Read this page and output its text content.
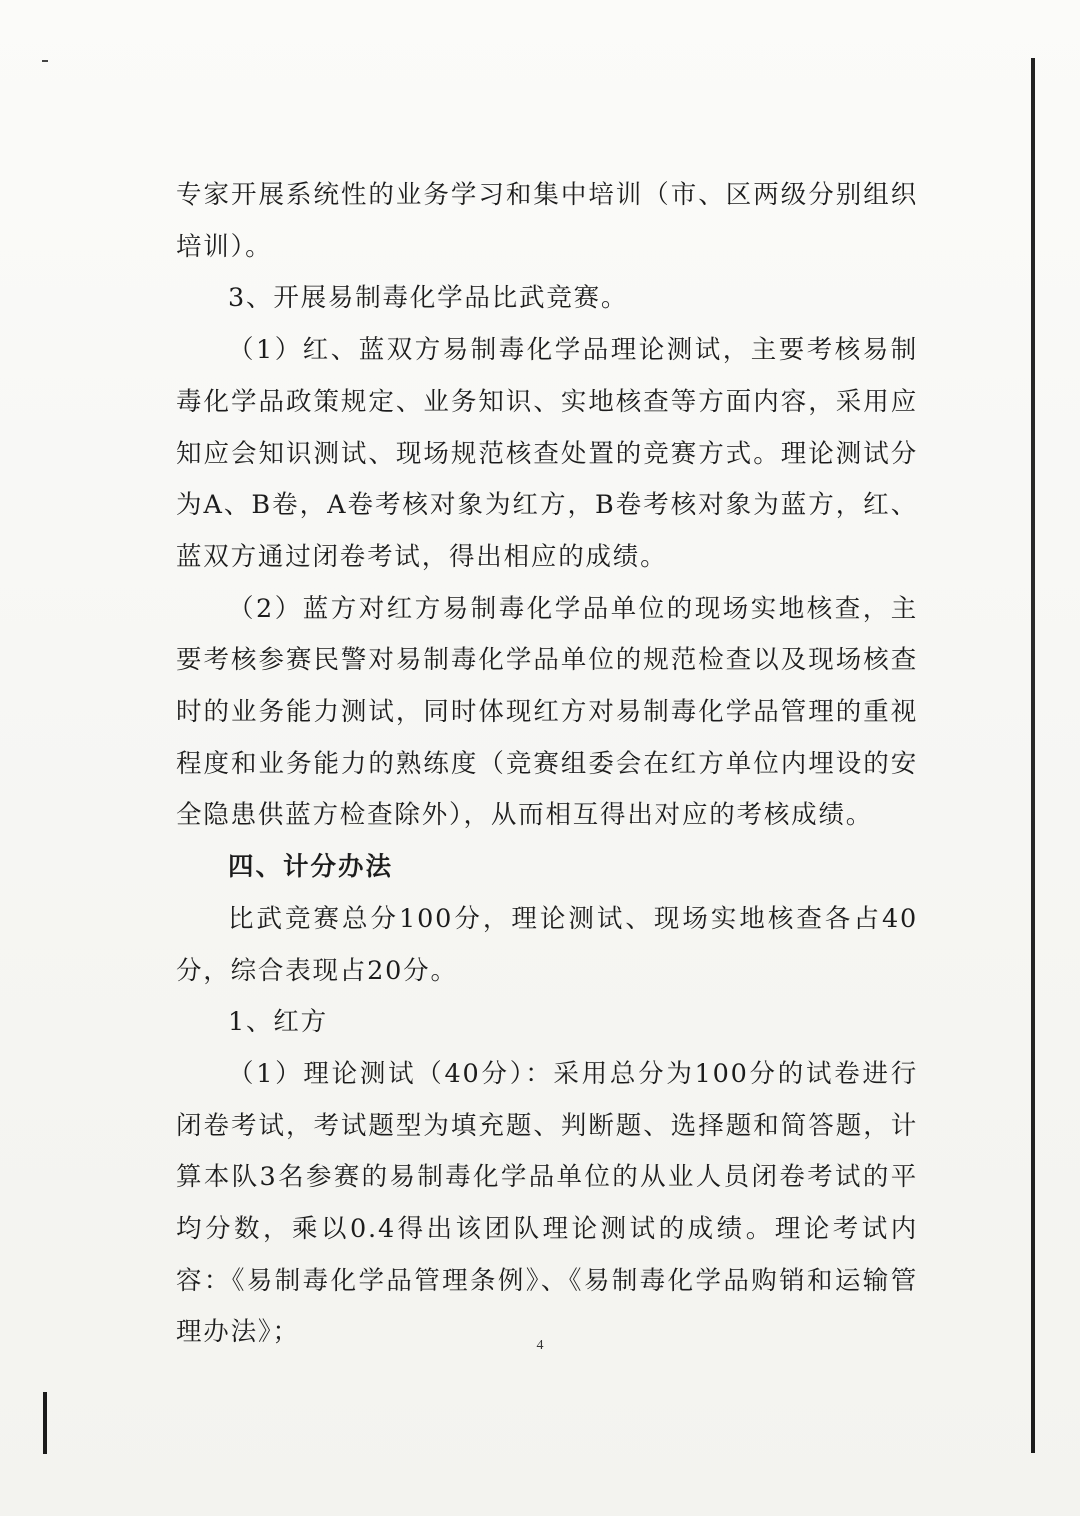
专家开展系统性的业务学习和集中培训（市、区两级分别组织培训）。

3、开展易制毒化学品比武竞赛。

（1）红、蓝双方易制毒化学品理论测试，主要考核易制毒化学品政策规定、业务知识、实地核查等方面内容，采用应知应会知识测试、现场规范核查处置的竞赛方式。理论测试分为A、B卷，A卷考核对象为红方，B卷考核对象为蓝方，红、蓝双方通过闭卷考试，得出相应的成绩。

（2）蓝方对红方易制毒化学品单位的现场实地核查，主要考核参赛民警对易制毒化学品单位的规范检查以及现场核查时的业务能力测试，同时体现红方对易制毒化学品管理的重视程度和业务能力的熟练度（竞赛组委会在红方单位内埋设的安全隐患供蓝方检查除外），从而相互得出对应的考核成绩。

四、计分办法

比武竞赛总分100分，理论测试、现场实地核查各占40分，综合表现占20分。

1、红方

（1）理论测试（40分）：采用总分为100分的试卷进行闭卷考试，考试题型为填充题、判断题、选择题和简答题，计算本队3名参赛的易制毒化学品单位的从业人员闭卷考试的平均分数，乘以0.4得出该团队理论测试的成绩。理论考试内容：《易制毒化学品管理条例》、《易制毒化学品购销和运输管理办法》；	4
